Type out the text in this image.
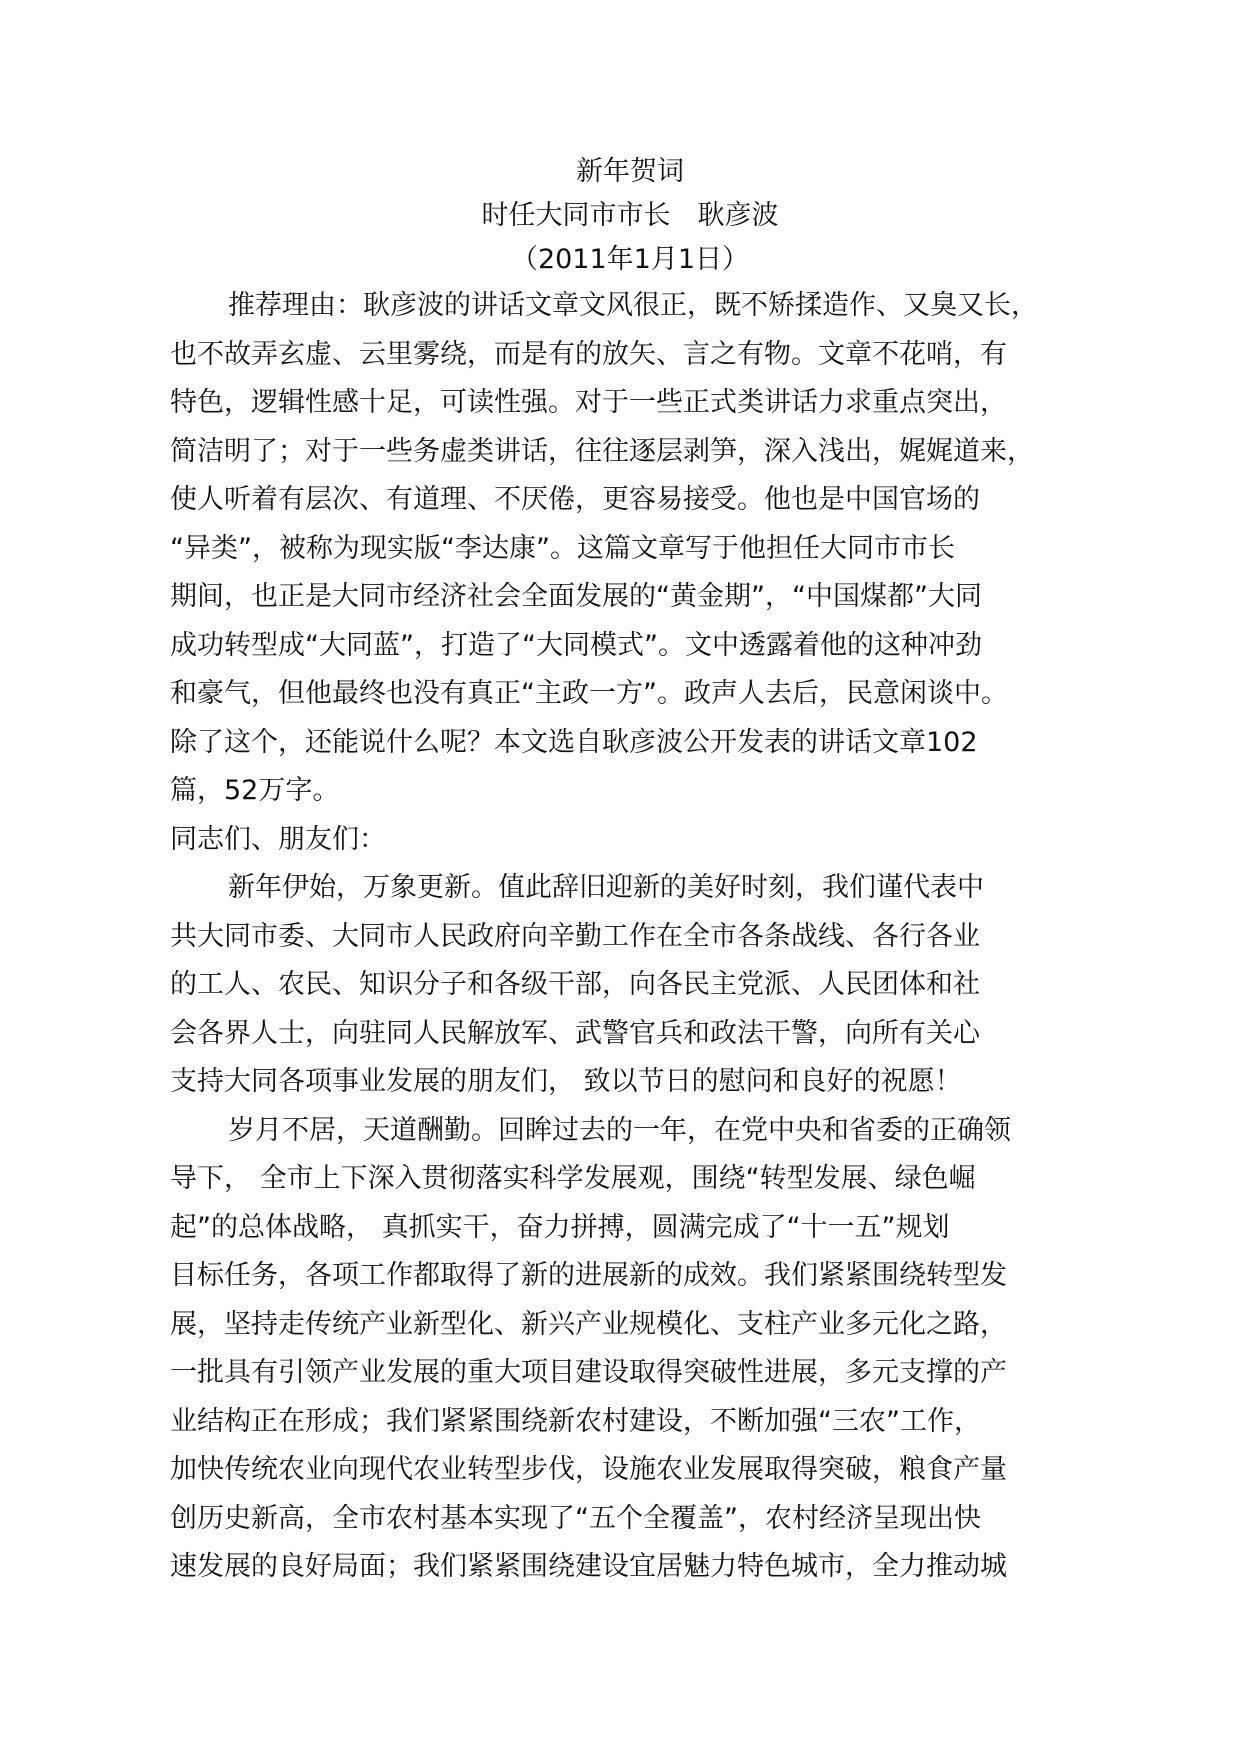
新年贺词
时任大同市市长　耿彦波
（2011年1月1日）
推荐理由：耿彦波的讲话文章文风很正，既不矫揉造作、又臭又长，
也不故弄玄虚、云里雾绕，而是有的放矢、言之有物。文章不花哨，有
特色，逻辑性感十足，可读性强。对于一些正式类讲话力求重点突出，
简洁明了；对于一些务虚类讲话，往往逐层剥笋，深入浅出，娓娓道来，
使人听着有层次、有道理、不厌倦，更容易接受。他也是中国官场的
“异类”，被称为现实版“李达康”。这篇文章写于他担任大同市市长
期间，也正是大同市经济社会全面发展的“黄金期”，“中国煤都”大同
成功转型成“大同蓝”，打造了“大同模式”。文中透露着他的这种冲劲
和豪气，但他最终也没有真正“主政一方”。政声人去后，民意闲谈中。
除了这个，还能说什么呢？本文选自耿彦波公开发表的讲话文章102
篇，52万字。
同志们、朋友们：
新年伊始，万象更新。值此辞旧迎新的美好时刻，我们谨代表中
共大同市委、大同市人民政府向辛勤工作在全市各条战线、各行各业
的工人、农民、知识分子和各级干部，向各民主党派、人民团体和社
会各界人士，向驻同人民解放军、武警官兵和政法干警，向所有关心
支持大同各项事业发展的朋友们， 致以节日的慰问和良好的祝愿！
岁月不居，天道酬勤。回眸过去的一年，在党中央和省委的正确领
导下， 全市上下深入贯彻落实科学发展观，围绕“转型发展、绿色崛
起”的总体战略， 真抓实干，奋力拼搏，圆满完成了“十一五”规划
目标任务，各项工作都取得了新的进展新的成效。我们紧紧围绕转型发
展，坚持走传统产业新型化、新兴产业规模化、支柱产业多元化之路，
一批具有引领产业发展的重大项目建设取得突破性进展，多元支撑的产
业结构正在形成；我们紧紧围绕新农村建设，不断加强“三农”工作，
加快传统农业向现代农业转型步伐，设施农业发展取得突破，粮食产量
创历史新高，全市农村基本实现了“五个全覆盖”，农村经济呈现出快
速发展的良好局面；我们紧紧围绕建设宜居魅力特色城市，全力推动城
